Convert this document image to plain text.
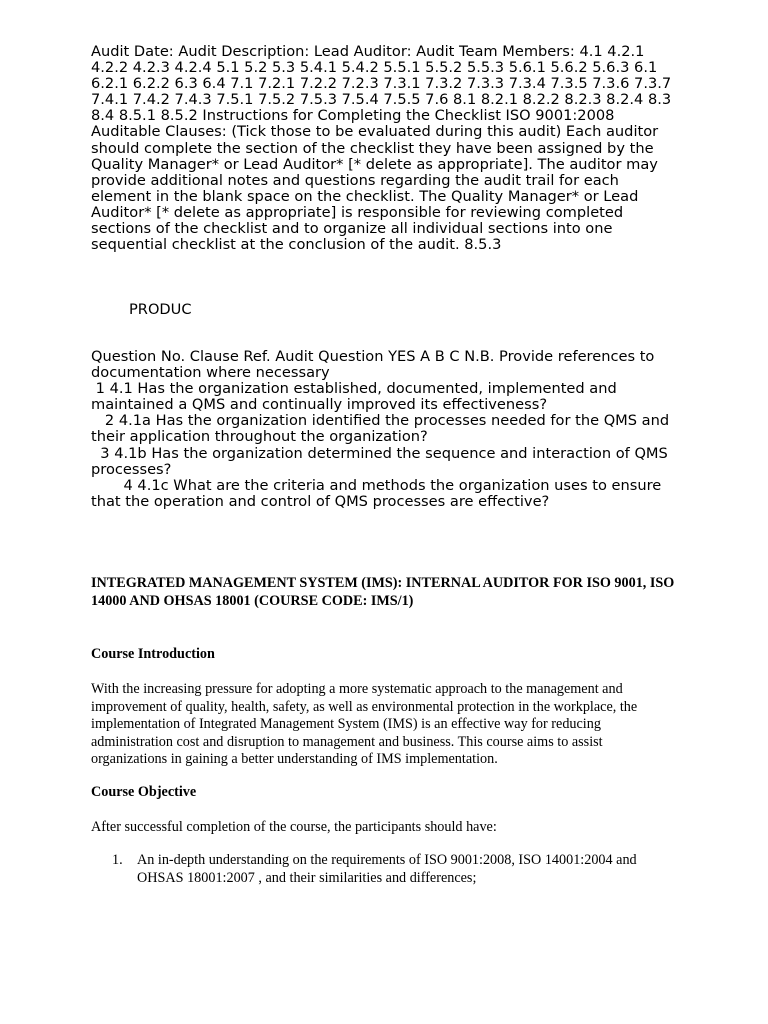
Audit Date: Audit Description: Lead Auditor: Audit Team Members: 4.1 4.2.1 4.2.2 4.2.3 4.2.4 5.1 5.2 5.3 5.4.1 5.4.2 5.5.1 5.5.2 5.5.3 5.6.1 5.6.2 5.6.3 6.1 6.2.1 6.2.2 6.3 6.4 7.1 7.2.1 7.2.2 7.2.3 7.3.1 7.3.2 7.3.3 7.3.4 7.3.5 7.3.6 7.3.7 7.4.1 7.4.2 7.4.3 7.5.1 7.5.2 7.5.3 7.5.4 7.5.5 7.6 8.1 8.2.1 8.2.2 8.2.3 8.2.4 8.3 8.4 8.5.1 8.5.2 Instructions for Completing the Checklist ISO 9001:2008 Auditable Clauses: (Tick those to be evaluated during this audit) Each auditor should complete the section of the checklist they have been assigned by the Quality Manager* or Lead Auditor* [* delete as appropriate]. The auditor may provide additional notes and questions regarding the audit trail for each element in the blank space on the checklist. The Quality Manager* or Lead Auditor* [* delete as appropriate] is responsible for reviewing completed sections of the checklist and to organize all individual sections into one sequential checklist at the conclusion of the audit. 8.5.3
PRODUC
Question No. Clause Ref. Audit Question YES A B C N.B. Provide references to documentation where necessary
1 4.1 Has the organization established, documented, implemented and maintained a QMS and continually improved its effectiveness?
2 4.1a Has the organization identified the processes needed for the QMS and their application throughout the organization?
3 4.1b Has the organization determined the sequence and interaction of QMS processes?
4 4.1c What are the criteria and methods the organization uses to ensure that the operation and control of QMS processes are effective?
INTEGRATED MANAGEMENT SYSTEM (IMS): INTERNAL AUDITOR FOR ISO 9001, ISO 14000 AND OHSAS 18001 (COURSE CODE: IMS/1)
Course Introduction
With the increasing pressure for adopting a more systematic approach to the management and improvement of quality, health, safety, as well as environmental protection in the workplace, the implementation of Integrated Management System (IMS) is an effective way for reducing administration cost and disruption to management and business. This course aims to assist organizations in gaining a better understanding of IMS implementation.
Course Objective
After successful completion of the course, the participants should have:
1. An in-depth understanding on the requirements of ISO 9001:2008, ISO 14001:2004 and OHSAS 18001:2007 , and their similarities and differences;
